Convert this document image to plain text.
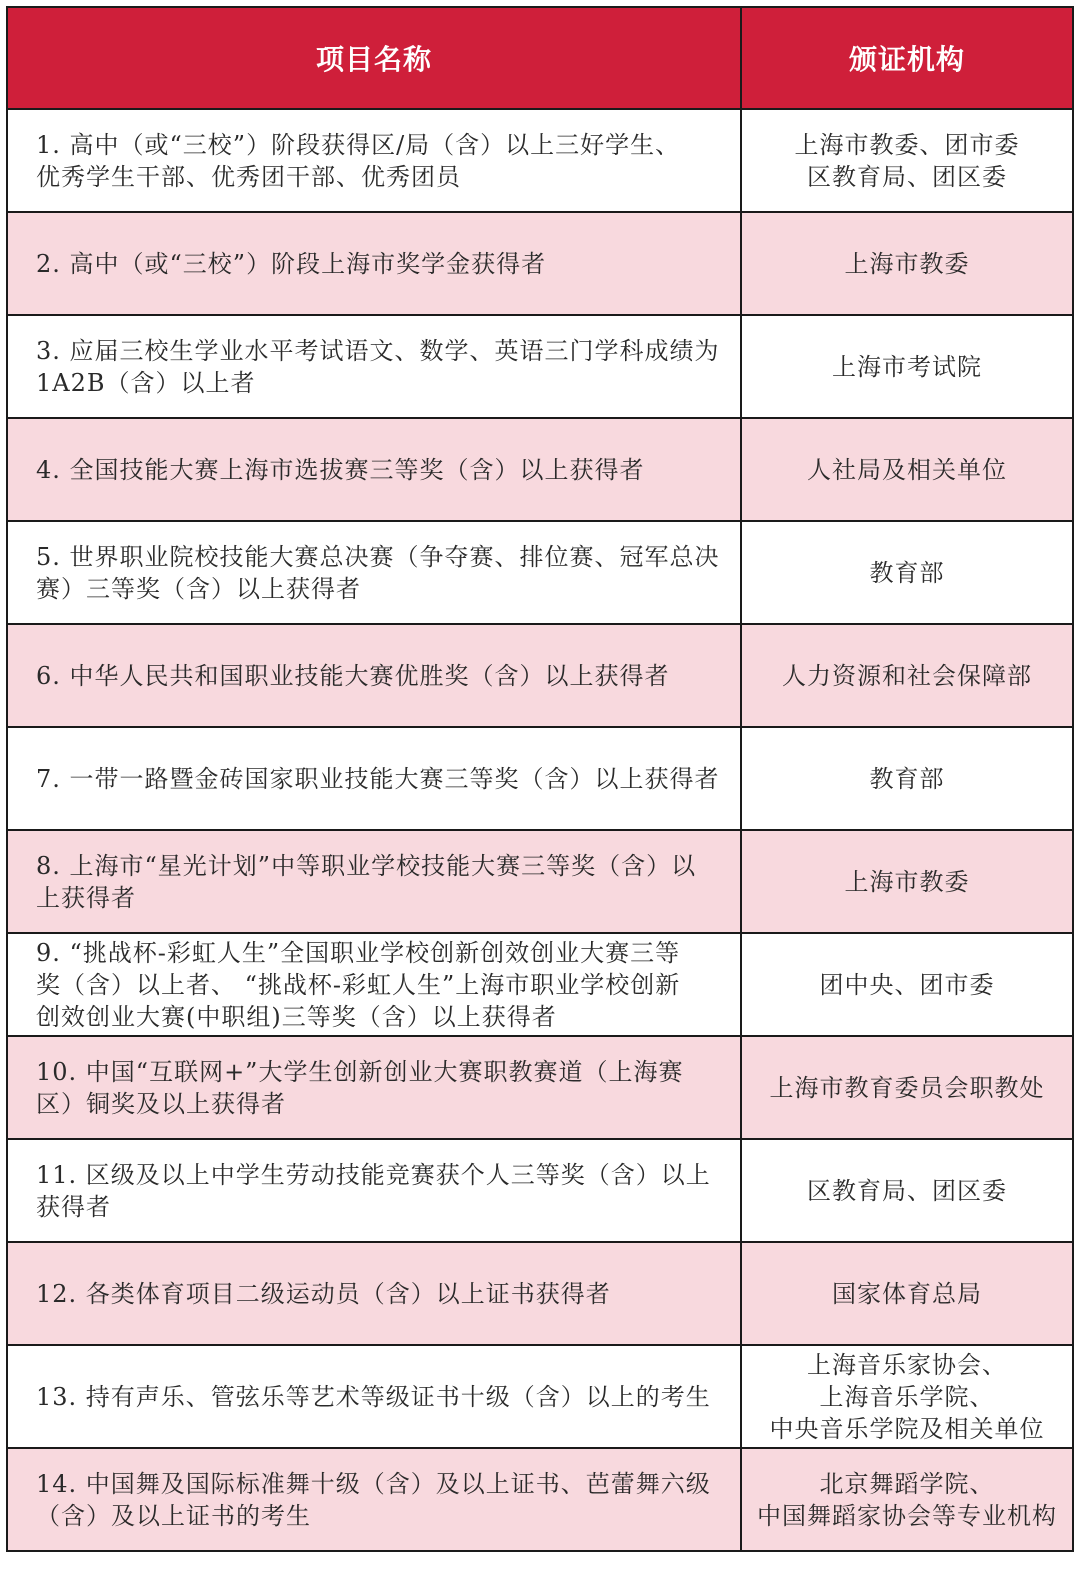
项目名称	颁证机构

1. 高中（或“三校”）阶段获得区/局（含）以上三好学生、
优秀学生干部、优秀团干部、优秀团员	上海市教委、团市委
区教育局、团区委

2. 高中（或“三校”）阶段上海市奖学金获得者	上海市教委

3. 应届三校生学业水平考试语文、数学、英语三门学科成绩为
1A2B（含）以上者	上海市考试院

4. 全国技能大赛上海市选拔赛三等奖（含）以上获得者	人社局及相关单位

5. 世界职业院校技能大赛总决赛（争夺赛、排位赛、冠军总决
赛）三等奖（含）以上获得者	教育部

6. 中华人民共和国职业技能大赛优胜奖（含）以上获得者	人力资源和社会保障部

7. 一带一路暨金砖国家职业技能大赛三等奖（含）以上获得者	教育部

8. 上海市“星光计划”中等职业学校技能大赛三等奖（含）以
上获得者	上海市教委

9. “挑战杯-彩虹人生”全国职业学校创新创效创业大赛三等
奖（含）以上者、 “挑战杯-彩虹人生”上海市职业学校创新
创效创业大赛(中职组)三等奖（含）以上获得者	团中央、团市委

10. 中国“互联网+”大学生创新创业大赛职教赛道（上海赛
区）铜奖及以上获得者	上海市教育委员会职教处

11. 区级及以上中学生劳动技能竞赛获个人三等奖（含）以上
获得者	区教育局、团区委

12. 各类体育项目二级运动员（含）以上证书获得者	国家体育总局

13. 持有声乐、管弦乐等艺术等级证书十级（含）以上的考生	上海音乐家协会、
上海音乐学院、
中央音乐学院及相关单位

14. 中国舞及国际标准舞十级（含）及以上证书、芭蕾舞六级
（含）及以上证书的考生	北京舞蹈学院、
中国舞蹈家协会等专业机构
